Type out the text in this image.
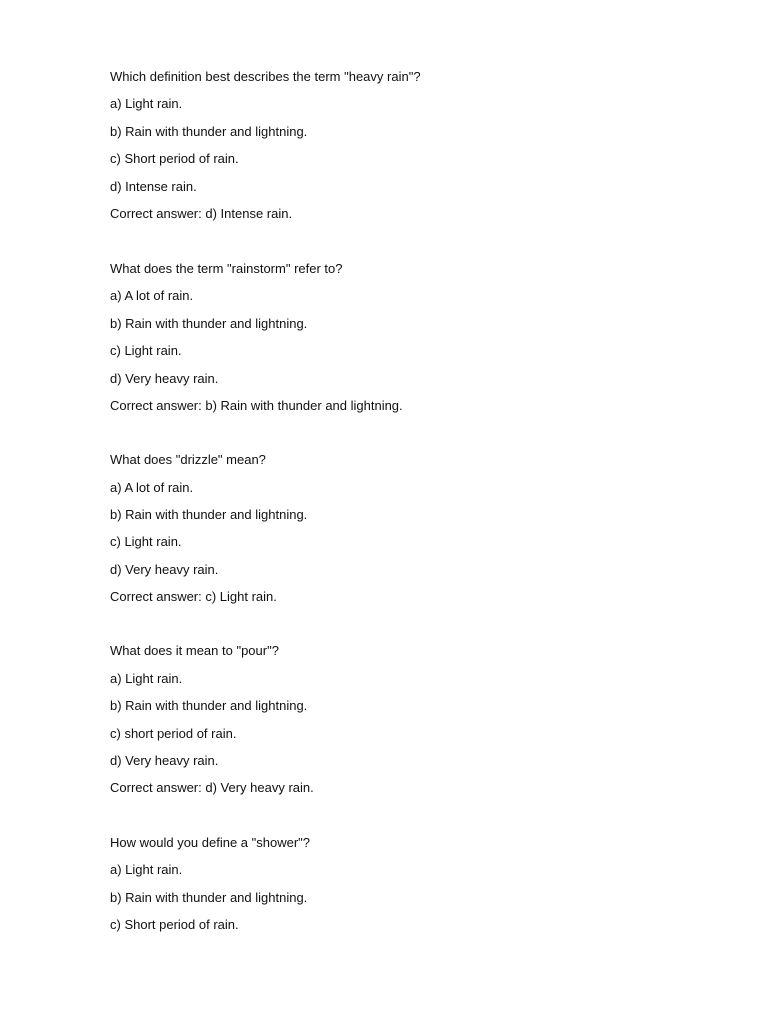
Which definition best describes the term "heavy rain"?
a) Light rain.
b) Rain with thunder and lightning.
c) Short period of rain.
d) Intense rain.
Correct answer: d) Intense rain.
What does the term "rainstorm" refer to?
a) A lot of rain.
b) Rain with thunder and lightning.
c) Light rain.
d) Very heavy rain.
Correct answer: b) Rain with thunder and lightning.
What does "drizzle" mean?
a) A lot of rain.
b) Rain with thunder and lightning.
c) Light rain.
d) Very heavy rain.
Correct answer: c) Light rain.
What does it mean to "pour"?
a) Light rain.
b) Rain with thunder and lightning.
c) short period of rain.
d) Very heavy rain.
Correct answer: d) Very heavy rain.
How would you define a "shower"?
a) Light rain.
b) Rain with thunder and lightning.
c) Short period of rain.
